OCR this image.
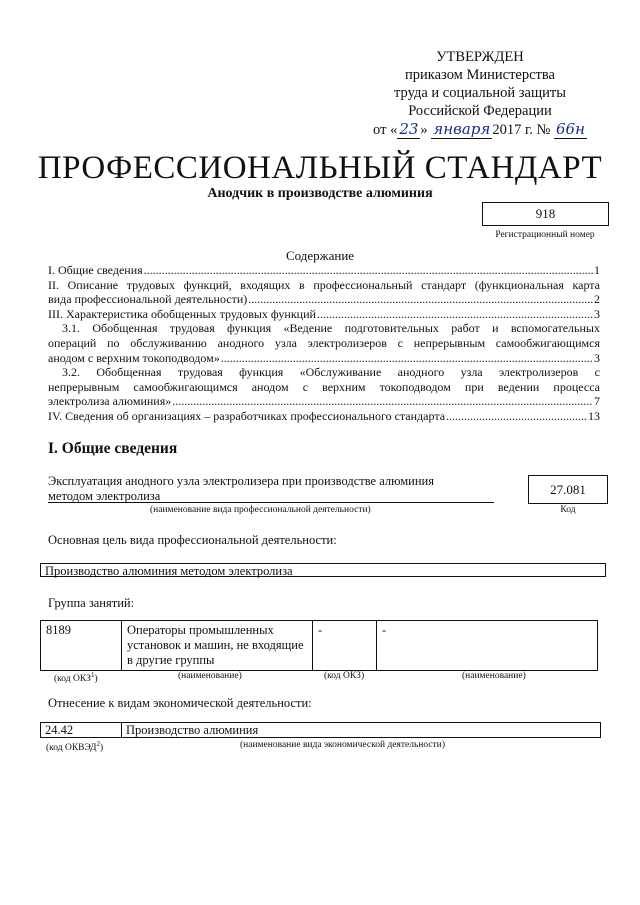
УТВЕРЖДЕН
приказом Министерства
труда и социальной защиты
Российской Федерации
от « 23 » января 2017 г. № 66н
ПРОФЕССИОНАЛЬНЫЙ СТАНДАРТ
Анодчик в производстве алюминия
918
Регистрационный номер
Содержание
I. Общие сведения .....	1
II. Описание трудовых функций, входящих в профессиональный стандарт (функциональная карта
вида профессиональной деятельности) .....	2
III. Характеристика обобщенных трудовых функций .....	3
3.1. Обобщенная трудовая функция «Ведение подготовительных работ и вспомогательных
операций по обслуживанию анодного узла электролизеров с непрерывным самообжигающимся
анодом с верхним токоподводом» .....	3
3.2. Обобщенная трудовая функция «Обслуживание анодного узла электролизеров с
непрерывным самообжигающимся анодом с верхним токоподводом при ведении процесса
электролиза алюминия» .....	7
IV. Сведения об организациях – разработчиках профессионального стандарта .....	13
I. Общие сведения
Эксплуатация анодного узла электролизера при производстве алюминия
методом электролиза
(наименование вида профессиональной деятельности)
27.081
Код
Основная цель вида профессиональной деятельности:
Производство алюминия методом электролиза
Группа занятий:
8189	Операторы промышленных установок и машин, не входящие в другие группы	-	-
(код ОКЗ$^1$)	(наименование)	(код ОКЗ)	(наименование)
Отнесение к видам экономической деятельности:
24.42	Производство алюминия
(код ОКВЭД$^2$)	(наименование вида экономической деятельности)
